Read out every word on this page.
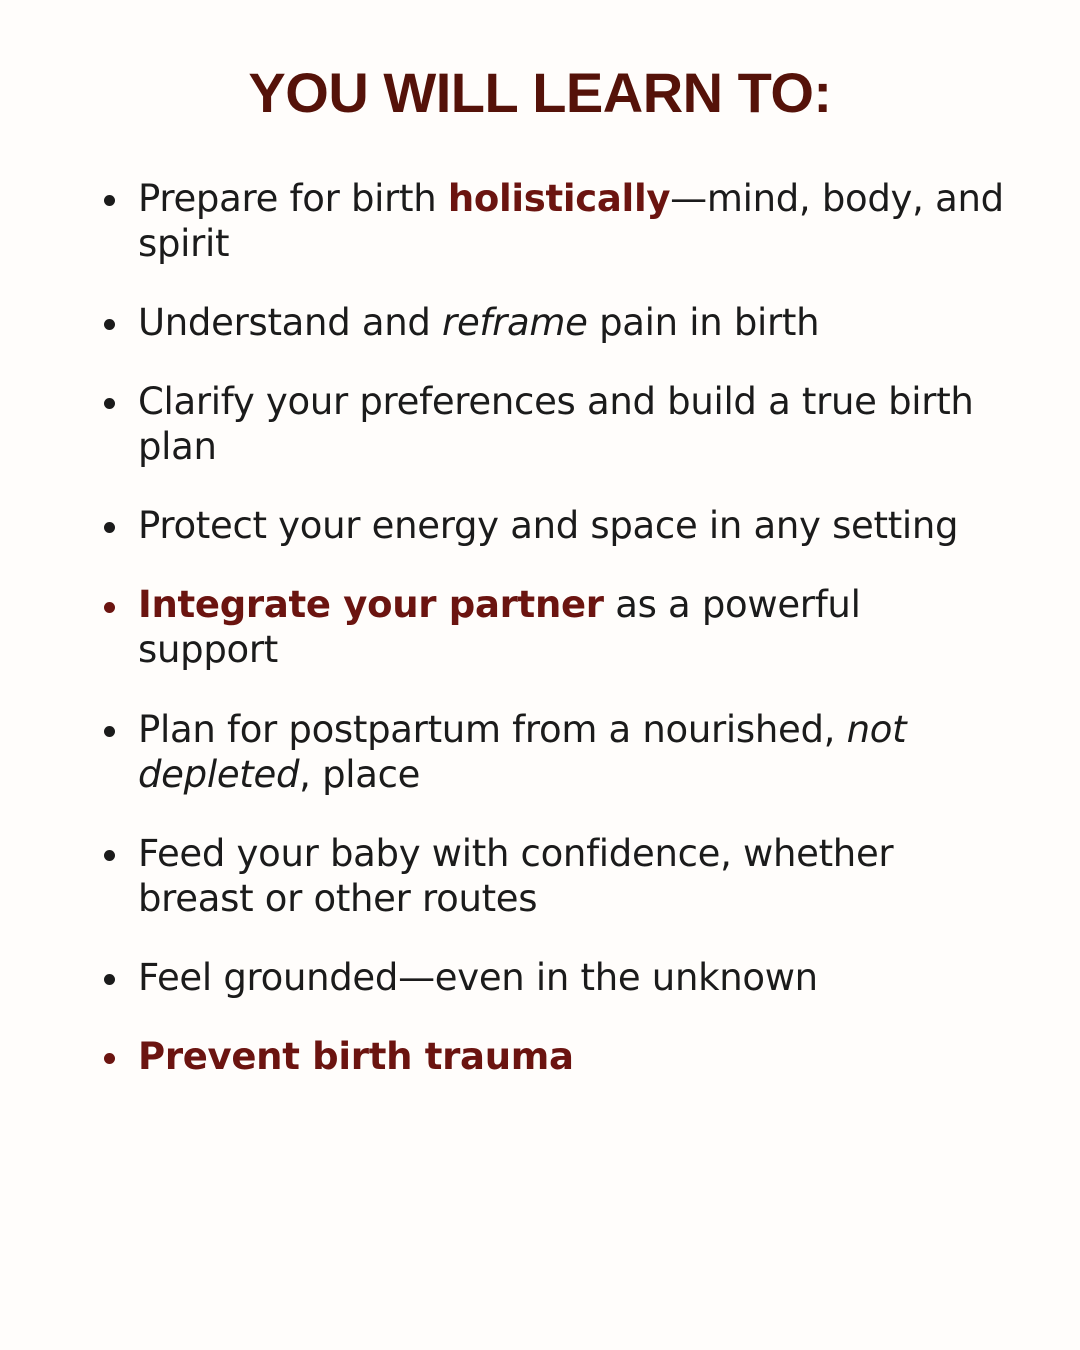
YOU WILL LEARN TO:
Prepare for birth holistically—mind, body, and spirit
Understand and reframe pain in birth
Clarify your preferences and build a true birth plan
Protect your energy and space in any setting
Integrate your partner as a powerful support
Plan for postpartum from a nourished, not depleted, place
Feed your baby with confidence, whether breast or other routes
Feel grounded—even in the unknown
Prevent birth trauma
